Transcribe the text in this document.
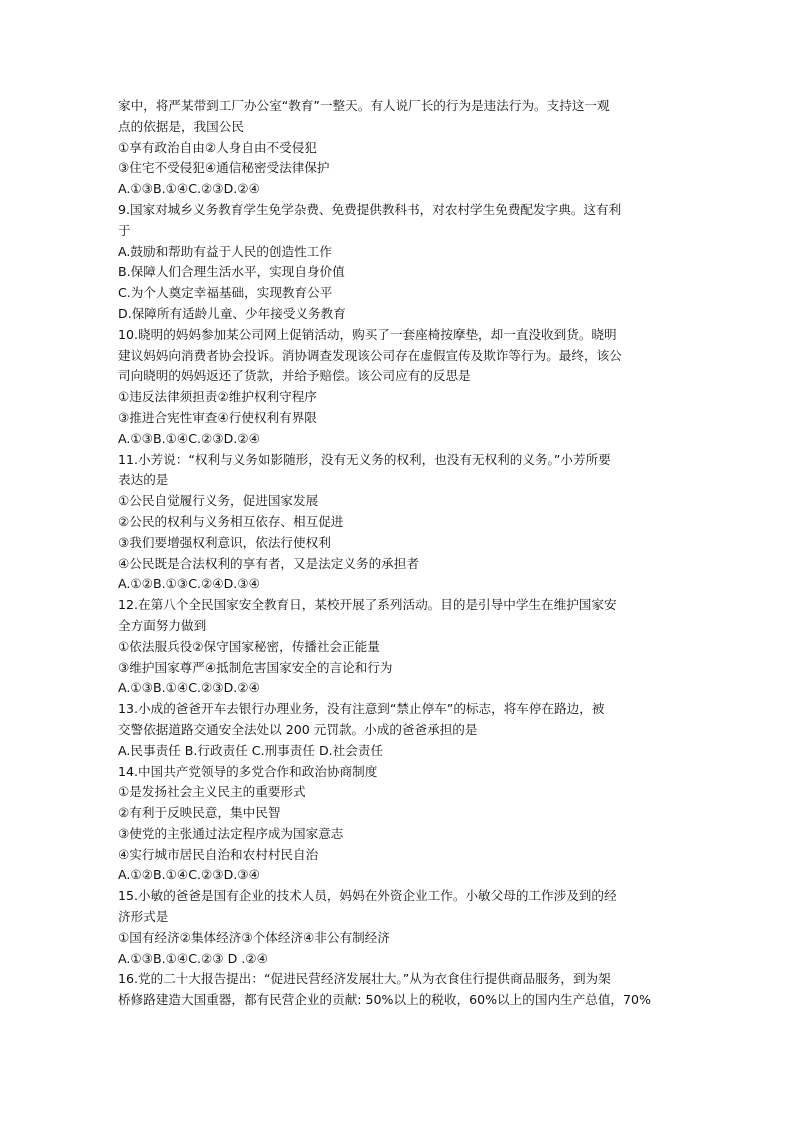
家中，将严某带到工厂办公室“教育”一整天。有人说厂长的行为是违法行为。支持这一观
点的依据是，我国公民
①享有政治自由②人身自由不受侵犯
③住宅不受侵犯④通信秘密受法律保护
A.①③B.①④C.②③D.②④
9.国家对城乡义务教育学生免学杂费、免费提供教科书，对农村学生免费配发字典。这有利
于
A.鼓励和帮助有益于人民的创造性工作
B.保障人们合理生活水平，实现自身价值
C.为个人奠定幸福基础，实现教育公平
D.保障所有适龄儿童、少年接受义务教育
10.晓明的妈妈参加某公司网上促销活动，购买了一套座椅按摩垫，却一直没收到货。晓明
建议妈妈向消费者协会投诉。消协调查发现该公司存在虚假宣传及欺诈等行为。最终，该公
司向晓明的妈妈返还了货款，并给予赔偿。该公司应有的反思是
①违反法律须担责②维护权利守程序
③推进合宪性审查④行使权利有界限
A.①③B.①④C.②③D.②④
11.小芳说：“权利与义务如影随形，没有无义务的权利，也没有无权利的义务。”小芳所要
表达的是
①公民自觉履行义务，促进国家发展
②公民的权利与义务相互依存、相互促进
③我们要增强权利意识，依法行使权利
④公民既是合法权利的享有者，又是法定义务的承担者
A.①②B.①③C.②④D.③④
12.在第八个全民国家安全教育日，某校开展了系列活动。目的是引导中学生在维护国家安
全方面努力做到
①依法服兵役②保守国家秘密，传播社会正能量
③维护国家尊严④抵制危害国家安全的言论和行为
A.①③B.①④C.②③D.②④
13.小成的爸爸开车去银行办理业务，没有注意到“禁止停车”的标志，将车停在路边，被
交警依据道路交通安全法处以 200 元罚款。小成的爸爸承担的是
A.民事责任 B.行政责任 C.刑事责任 D.社会责任
14.中国共产党领导的多党合作和政治协商制度
①是发扬社会主义民主的重要形式
②有利于反映民意，集中民智
③使党的主张通过法定程序成为国家意志
④实行城市居民自治和农村村民自治
A.①②B.①④C.②③D.③④
15.小敏的爸爸是国有企业的技术人员，妈妈在外资企业工作。小敏父母的工作涉及到的经
济形式是
①国有经济②集体经济③个体经济④非公有制经济
A.①③B.①④C.②③ D .②④
16.党的二十大报告提出：“促进民营经济发展壮大。”从为衣食住行提供商品服务，到为架
桥修路建造大国重器，都有民营企业的贡献: 50%以上的税收，60%以上的国内生产总值，70%
